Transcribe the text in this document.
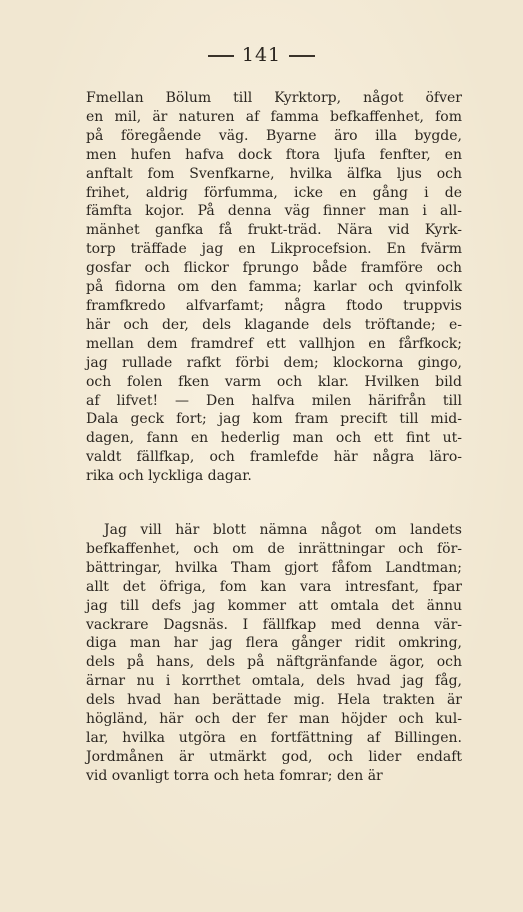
141
Fmellan Bölum till Kyrktorp, något öfver
en mil, är naturen af famma befkaffenhet, fom
på föregående väg. Byarne äro illa bygde,
men hufen hafva dock ftora ljufa fenfter, en
anftalt fom Svenfkarne, hvilka älfka ljus och
frihet, aldrig förfumma, icke en gång i de
fämfta kojor. På denna väg finner man i all-
mänhet ganfka få frukt-träd. Nära vid Kyrk-
torp träffade jag en Likprocefsion. En fvärm
gosfar och flickor fprungo både framföre och
på fidorna om den famma; karlar och qvinfolk
framfkredo alfvarfamt; några ftodo truppvis
här och der, dels klagande dels tröftande; e-
mellan dem framdref ett vallhjon en fårfkock;
jag rullade rafkt förbi dem; klockorna gingo,
och folen fken varm och klar. Hvilken bild
af lifvet! — Den halfva milen härifrån till
Dala geck fort; jag kom fram precift till mid-
dagen, fann en hederlig man och ett fint ut-
valdt fällfkap, och framlefde här några läro-
rika och lyckliga dagar.
Jag vill här blott nämna något om landets
befkaffenhet, och om de inrättningar och för-
bättringar, hvilka Tham gjort fåfom Landtman;
allt det öfriga, fom kan vara intresfant, fpar
jag till defs jag kommer att omtala det ännu
vackrare Dagsnäs. I fällfkap med denna vär-
diga man har jag flera gånger ridit omkring,
dels på hans, dels på näftgränfande ägor, och
ärnar nu i korrthet omtala, dels hvad jag fåg,
dels hvad han berättade mig. Hela trakten är
högländ, här och der fer man höjder och kul-
lar, hvilka utgöra en fortfättning af Billingen.
Jordmånen är utmärkt god, och lider endaft
vid ovanligt torra och heta fomrar; den är
